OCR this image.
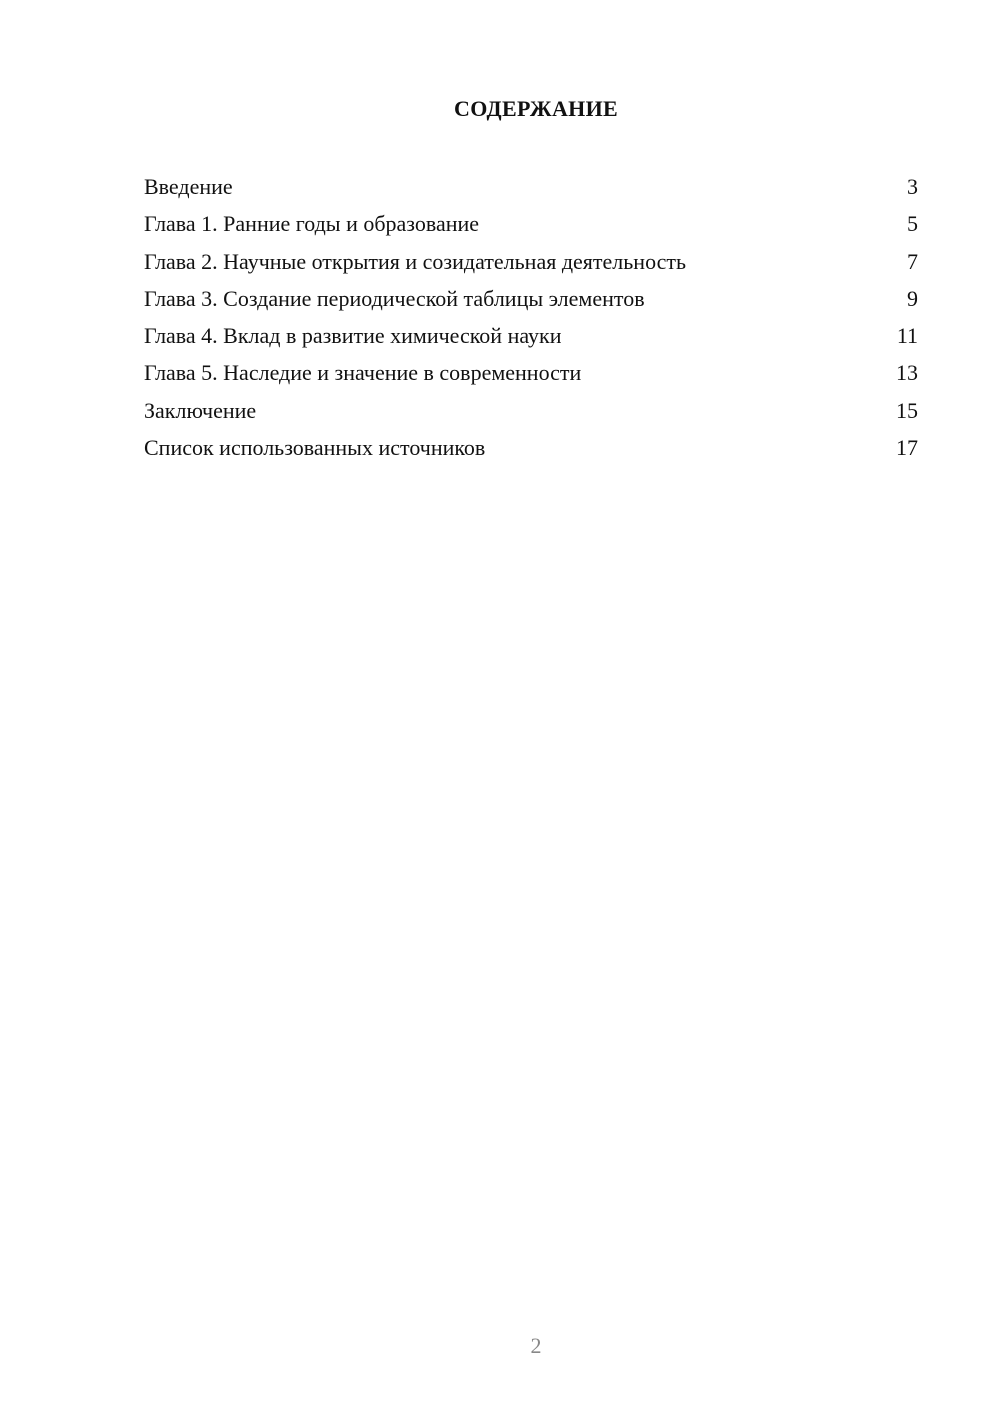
СОДЕРЖАНИЕ
Введение	3
Глава 1. Ранние годы и образование	5
Глава 2. Научные открытия и созидательная деятельность	7
Глава 3. Создание периодической таблицы элементов	9
Глава 4. Вклад в развитие химической науки	11
Глава 5. Наследие и значение в современности	13
Заключение	15
Список использованных источников	17
2
